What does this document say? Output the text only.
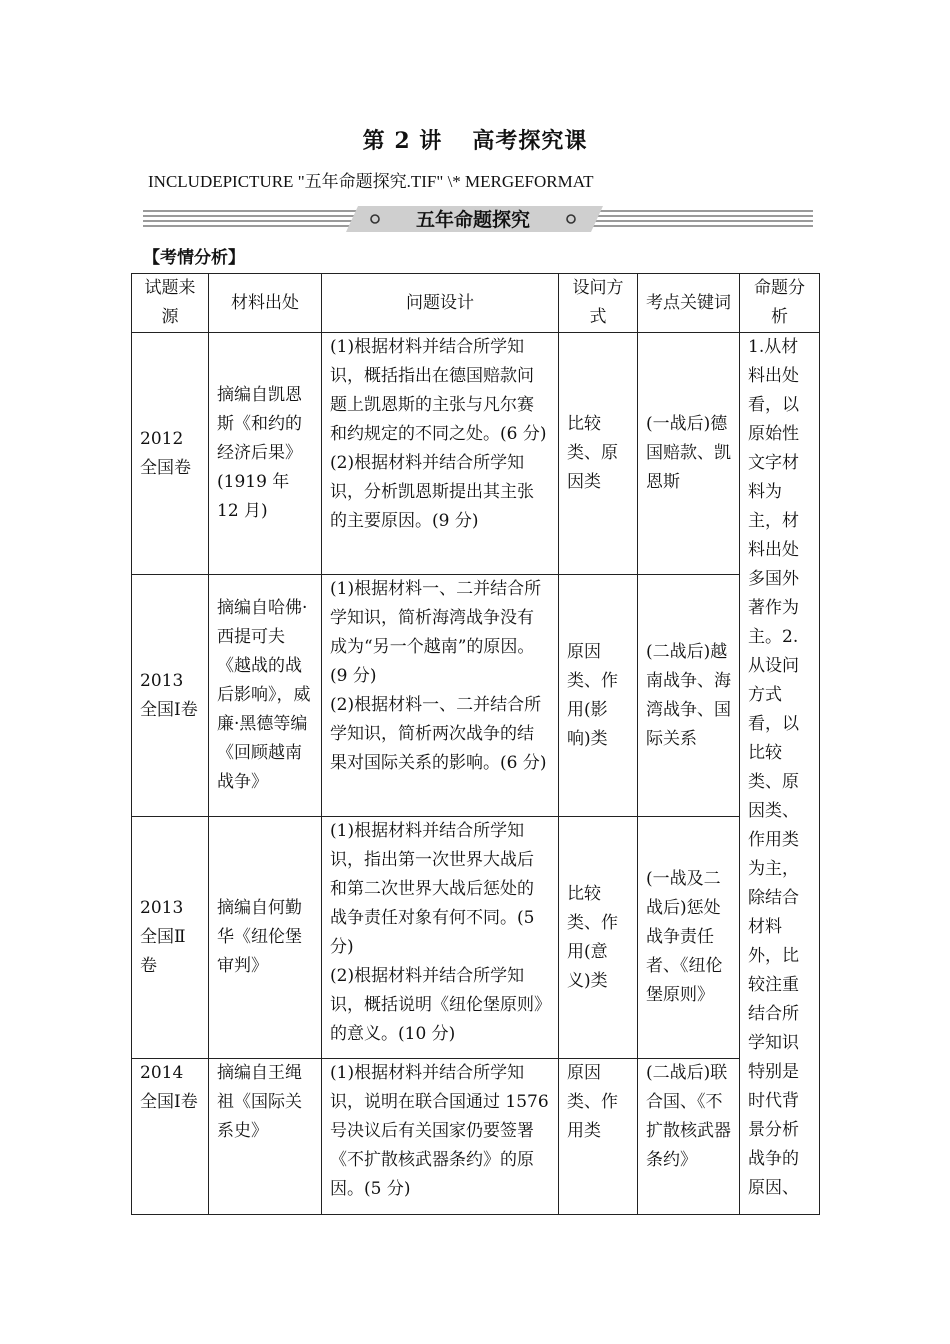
第 2 讲 高考探究课
INCLUDEPICTURE "五年命题探究.TIF" \* MERGEFORMAT
五年命题探究
【考情分析】
试题来源	材料出处	问题设计	设问方式	考点关键词	命题分析
2012 全国卷	摘编自凯恩斯《和约的经济后果》(1919 年 12 月)	(1)根据材料并结合所学知识，概括指出在德国赔款问题上凯恩斯的主张与凡尔赛和约规定的不同之处。(6 分)

(2)根据材料并结合所学知识，分析凯恩斯提出其主张的主要原因。(9 分)	比较类、原因类	(一战后)德国赔款、凯恩斯	1.从材料出处看，以原始性文字材料为主，材料出处多国外著作为主。2.从设问方式看，以比较类、原因类、作用类为主，除结合材料外，比较注重结合所学知识特别是时代背景分析战争的原因、
2013 全国Ⅰ卷	摘编自哈佛·西提可夫《越战的战后影响》，威廉·黑德等编《回顾越南战争》	(1)根据材料一、二并结合所学知识，简析海湾战争没有成为“另一个越南”的原因。(9 分)

(2)根据材料一、二并结合所学知识，简析两次战争的结果对国际关系的影响。(6 分)	原因类、作用(影响)类	(二战后)越南战争、海湾战争、国际关系	
2013 全国Ⅱ卷	摘编自何勤华《纽伦堡审判》	(1)根据材料并结合所学知识，指出第一次世界大战后和第二次世界大战后惩处的战争责任对象有何不同。(5 分)

(2)根据材料并结合所学知识，概括说明《纽伦堡原则》的意义。(10 分)	比较类、作用(意义)类	(一战及二战后)惩处战争责任者、《纽伦堡原则》	
2014 全国Ⅰ卷	摘编自王绳祖《国际关系史》	(1)根据材料并结合所学知识，说明在联合国通过 1576 号决议后有关国家仍要签署《不扩散核武器条约》的原因。(5 分)	原因类、作用类	(二战后)联合国、《不扩散核武器条约》	
